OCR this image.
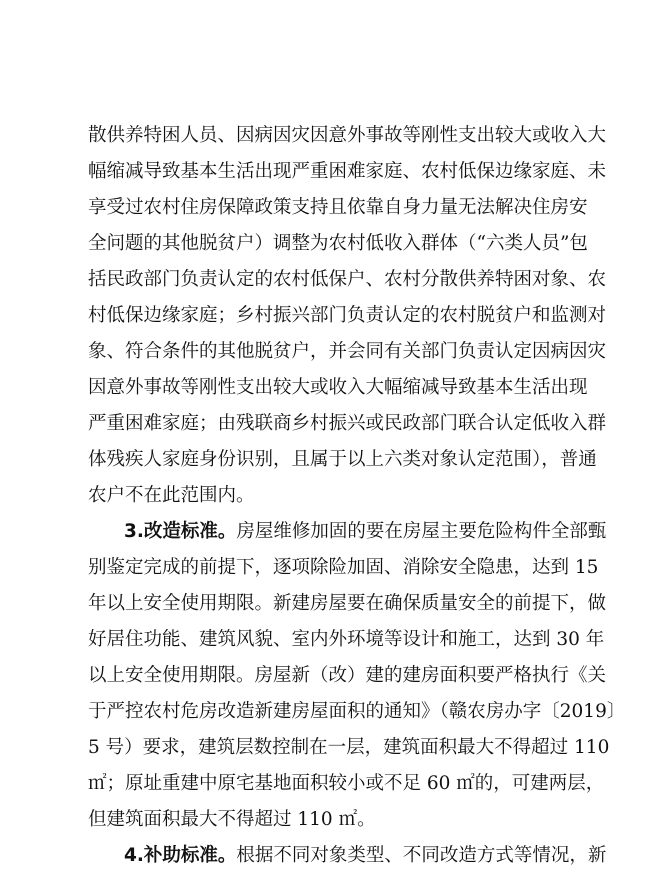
散供养特困人员、因病因灾因意外事故等刚性支出较大或收入大
幅缩减导致基本生活出现严重困难家庭、农村低保边缘家庭、未
享受过农村住房保障政策支持且依靠自身力量无法解决住房安
全问题的其他脱贫户）调整为农村低收入群体（“六类人员”包
括民政部门负责认定的农村低保户、农村分散供养特困对象、农
村低保边缘家庭；乡村振兴部门负责认定的农村脱贫户和监测对
象、符合条件的其他脱贫户，并会同有关部门负责认定因病因灾
因意外事故等刚性支出较大或收入大幅缩减导致基本生活出现
严重困难家庭；由残联商乡村振兴或民政部门联合认定低收入群
体残疾人家庭身份识别，且属于以上六类对象认定范围），普通
农户不在此范围内。
3.改造标准。房屋维修加固的要在房屋主要危险构件全部甄
别鉴定完成的前提下，逐项除险加固、消除安全隐患，达到 15
年以上安全使用期限。新建房屋要在确保质量安全的前提下，做
好居住功能、建筑风貌、室内外环境等设计和施工，达到 30 年
以上安全使用期限。房屋新（改）建的建房面积要严格执行《关
于严控农村危房改造新建房屋面积的通知》（赣农房办字〔2019〕
5 号）要求，建筑层数控制在一层，建筑面积最大不得超过 110
㎡；原址重建中原宅基地面积较小或不足 60 ㎡的，可建两层，
但建筑面积最大不得超过 110 ㎡。
4.补助标准。根据不同对象类型、不同改造方式等情况，新
